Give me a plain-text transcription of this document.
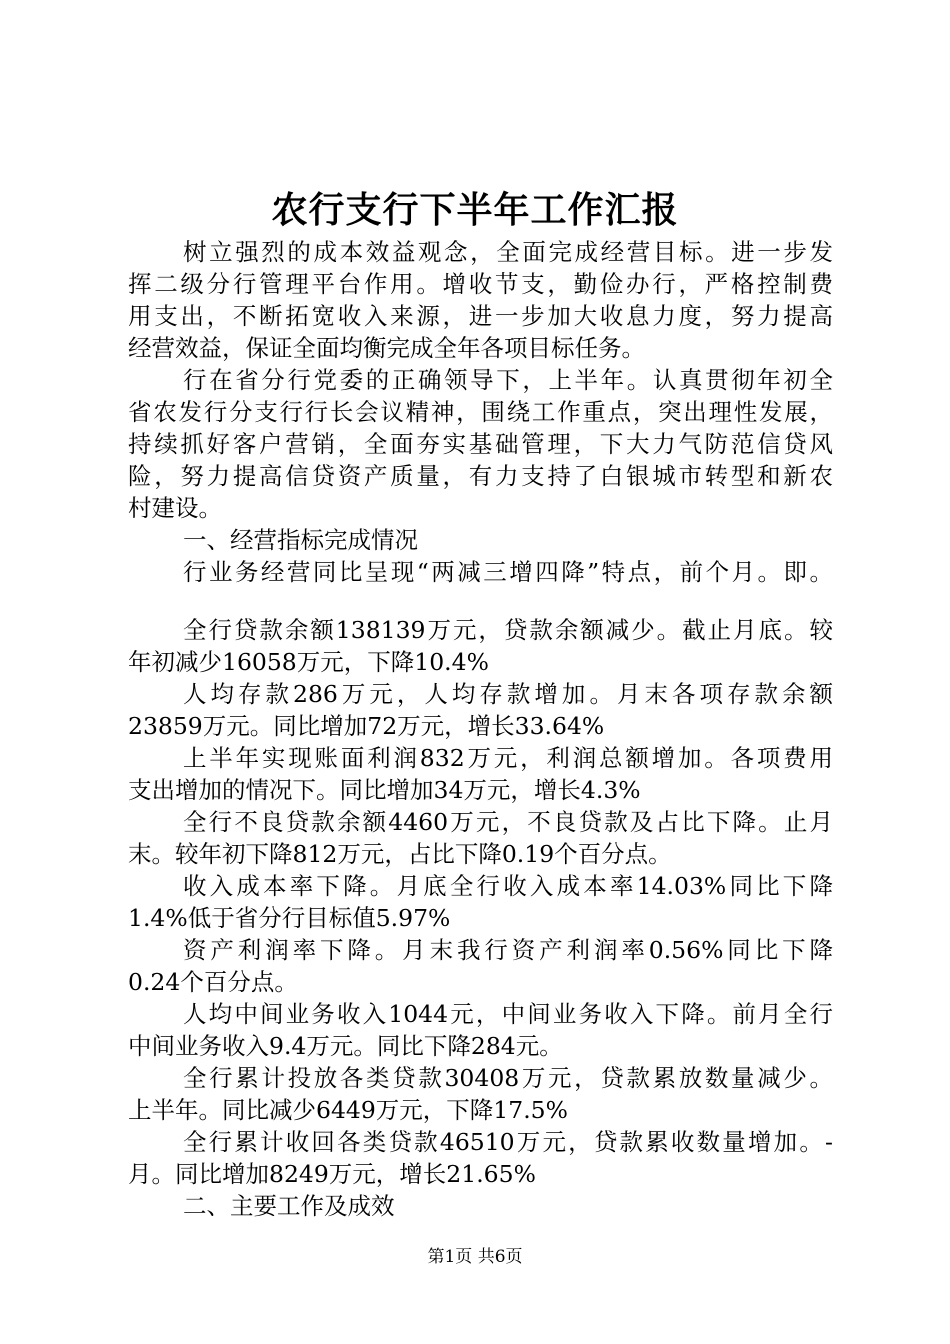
农行支行下半年工作汇报

树立强烈的成本效益观念，全面完成经营目标。进一步发

挥二级分行管理平台作用。增收节支，勤俭办行，严格控制费

用支出，不断拓宽收入来源，进一步加大收息力度，努力提高

经营效益，保证全面均衡完成全年各项目标任务。

行在省分行党委的正确领导下，上半年。认真贯彻年初全

省农发行分支行行长会议精神，围绕工作重点，突出理性发展，

持续抓好客户营销，全面夯实基础管理，下大力气防范信贷风

险，努力提高信贷资产质量，有力支持了白银城市转型和新农

村建设。

一、经营指标完成情况

行业务经营同比呈现“两减三增四降”特点，前个月。即。

全行贷款余额138139万元，贷款余额减少。截止月底。较

年初减少16058万元，下降10.4%

人均存款286万元，人均存款增加。月末各项存款余额

23859万元。同比增加72万元，增长33.64%

上半年实现账面利润832万元，利润总额增加。各项费用

支出增加的情况下。同比增加34万元，增长4.3%

全行不良贷款余额4460万元，不良贷款及占比下降。止月

末。较年初下降812万元，占比下降0.19个百分点。

收入成本率下降。月底全行收入成本率14.03%同比下降

1.4%低于省分行目标值5.97%

资产利润率下降。月末我行资产利润率0.56%同比下降

0.24个百分点。

人均中间业务收入1044元，中间业务收入下降。前月全行

中间业务收入9.4万元。同比下降284元。

全行累计投放各类贷款30408万元，贷款累放数量减少。

上半年。同比减少6449万元，下降17.5%

全行累计收回各类贷款46510万元，贷款累收数量增加。-

月。同比增加8249万元，增长21.65%

二、主要工作及成效

第1页 共6页
